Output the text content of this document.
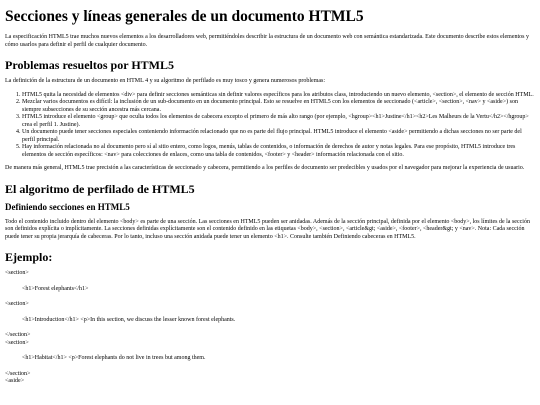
Secciones y líneas generales de un documento HTML5

La especificación HTML5 trae muchos nuevos elementos a los desarrolladores web, permitiéndoles describir la estructura de un documento web con semántica estandarizada. Este documento describe estos elementos y cómo usarlos para definir el perfil de cualquier documento.

Problemas resueltos por HTML5

La definición de la estructura de un documento en HTML 4 y su algoritmo de perfilado es muy tosco y genera numerosos problemas:

1. HTML5 quita la necesidad de elementos <div> para definir secciones semánticas sin definir valores específicos para los atributos class, introduciendo un nuevo elemento, <section>, el elemento de sección HTML.
2. Mezclar varios documentos es difícil: la inclusión de un sub-documento en un documento principal. Esto se resuelve en HTML5 con los elementos de seccionado (<article>, <section>, <nav> y <aside>) son siempre subsecciones de su sección ancestra más cercana.
3. HTML5 introduce el elemento <group> que oculta todos los elementos de cabecera excepto el primero de más alto rango (por ejemplo, <hgroup><h1>Justine</h1><h2>Les Malheurs de la Vertu</h2></hgroup> crea el perfil 1. Justine).
4. Un documento puede tener secciones especiales conteniendo información relacionado que no es parte del flujo principal. HTML5 introduce el elemento <aside> permitiendo a dichas secciones no ser parte del perfil principal.
5. Hay información relacionada no al documento pero sí al sitio entero, como logos, menús, tablas de contenidos, o información de derechos de autor y notas legales. Para ese propósito, HTML5 introduce tres elementos de sección específicos: <nav> para colecciones de enlaces, como una tabla de contenidos, <footer> y <header> información relacionada con el sitio.

De manera más general, HTML5 trae precisión a las características de seccionado y cabecera, permitiendo a los perfiles de documento ser predecibles y usados por el navegador para mejorar la experiencia de usuario.

El algoritmo de perfilado de HTML5
Definiendo secciones en HTML5

Todo el contenido incluido dentro del elemento <body> es parte de una sección. Las secciones en HTML5 pueden ser anidadas. Además de la sección principal, definida por el elemento <body>, los límites de la sección son definidos explícita o implícitamente. La secciones definidas explícitamente son el contenido definido en las etiquetas <body>, <section>, <article&gt; <aside>, <footer>, <header&gt; y <nav>. Nota: Cada sección puede tener su propia jerarquía de cabeceras. Por lo tanto, incluso una sección anidada puede tener un elemento <h1>. Consulte también Definiendo cabeceras en HTML5.

Ejemplo:
<section>
<h1>Forest elephants</h1>
<section>
<h1>Introduction</h1> <p>In this section, we discuss the lesser known forest elephants.
</section>
<section>
<h1>Habitat</h1> <p>Forest elephants do not live in trees but among them.
</section>
<aside>
